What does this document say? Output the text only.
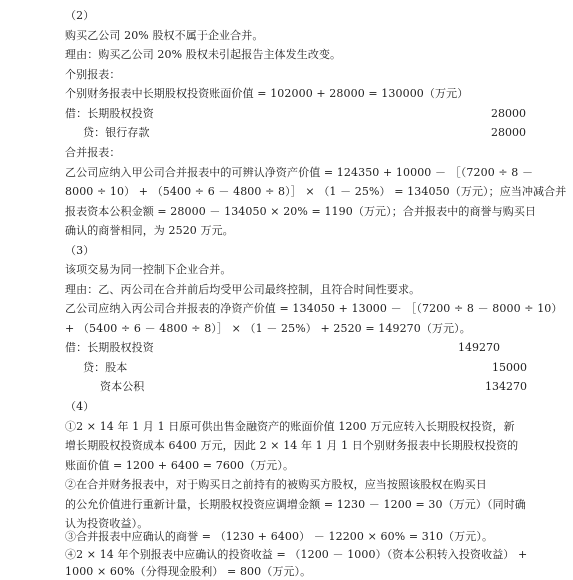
（2）
购买乙公司 20% 股权不属于企业合并。
理由：购买乙公司 20% 股权未引起报告主体发生改变。
个别报表：
个别财务报表中长期股权投资账面价值 = 102000 + 28000 = 130000（万元）
借：长期股权投资	28000
贷：银行存款	28000
合并报表：
乙公司应纳入甲公司合并报表中的可辨认净资产价值 = 124350 + 10000 － ［（7200 ÷ 8 －
8000 ÷ 10） + （5400 ÷ 6 － 4800 ÷ 8）］ × （1 － 25%） = 134050（万元）；应当冲减合并
报表资本公积金额 = 28000 － 134050 × 20% = 1190（万元）；合并报表中的商誉与购买日
确认的商誉相同，为 2520 万元。
（3）
该项交易为同一控制下企业合并。
理由：乙、丙公司在合并前后均受甲公司最终控制，且符合时间性要求。
乙公司应纳入丙公司合并报表的净资产价值 = 134050 + 13000 － ［（7200 ÷ 8 － 8000 ÷ 10）
+ （5400 ÷ 6 － 4800 ÷ 8）］ × （1 － 25%） + 2520 = 149270（万元）。
借：长期股权投资	149270
贷：股本	15000
资本公积	134270
（4）
①2 × 14 年 1 月 1 日原可供出售金融资产的账面价值 1200 万元应转入长期股权投资，新
增长期股权投资成本 6400 万元，因此 2 × 14 年 1 月 1 日个别财务报表中长期股权投资的
账面价值 = 1200 + 6400 = 7600（万元）。
②在合并财务报表中，对于购买日之前持有的被购买方股权，应当按照该股权在购买日
的公允价值进行重新计量，长期股权投资应调增金额 = 1230 － 1200 = 30（万元）（同时确
认为投资收益）。
③合并报表中应确认的商誉 = （1230 + 6400） － 12200 × 60% = 310（万元）。
④2 × 14 年个别报表中应确认的投资收益 = （1200 － 1000）（资本公积转入投资收益） +
1000 × 60%（分得现金股利） = 800（万元）。
